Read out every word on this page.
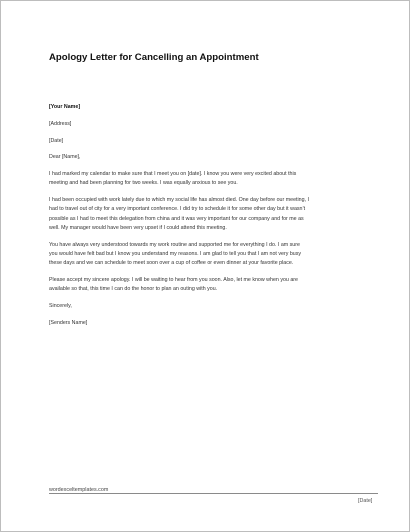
Apology Letter for Cancelling an Appointment
[Your Name]
[Address]
[Date]
Dear [Name],
I had marked my calendar to make sure that I meet you on [date]. I know you were very excited about this
meeting and had been planning for two weeks. I was equally anxious to see you.
I had been occupied with work lately due to which my social life has almost died. One day before our meeting, I
had to travel out of city for a very important conference. I did try to schedule it for some other day but it wasn’t
possible as I had to meet this delegation from china and it was very important for our company and for me as
well. My manager would have been very upset if I could attend this meeting.
You have always very understood towards my work routine and supported me for everything I do. I am sure
you would have felt bad but I know you understand my reasons. I am glad to tell you that I am not very busy
these days and we can schedule to meet soon over a cup of coffee or even dinner at your favorite place.
Please accept my sincere apology. I will be waiting to hear from you soon. Also, let me know when you are
available so that, this time I can do the honor to plan an outing with you.
Sincerely,
[Senders Name]
wordexceltemplates.com
[Date]
